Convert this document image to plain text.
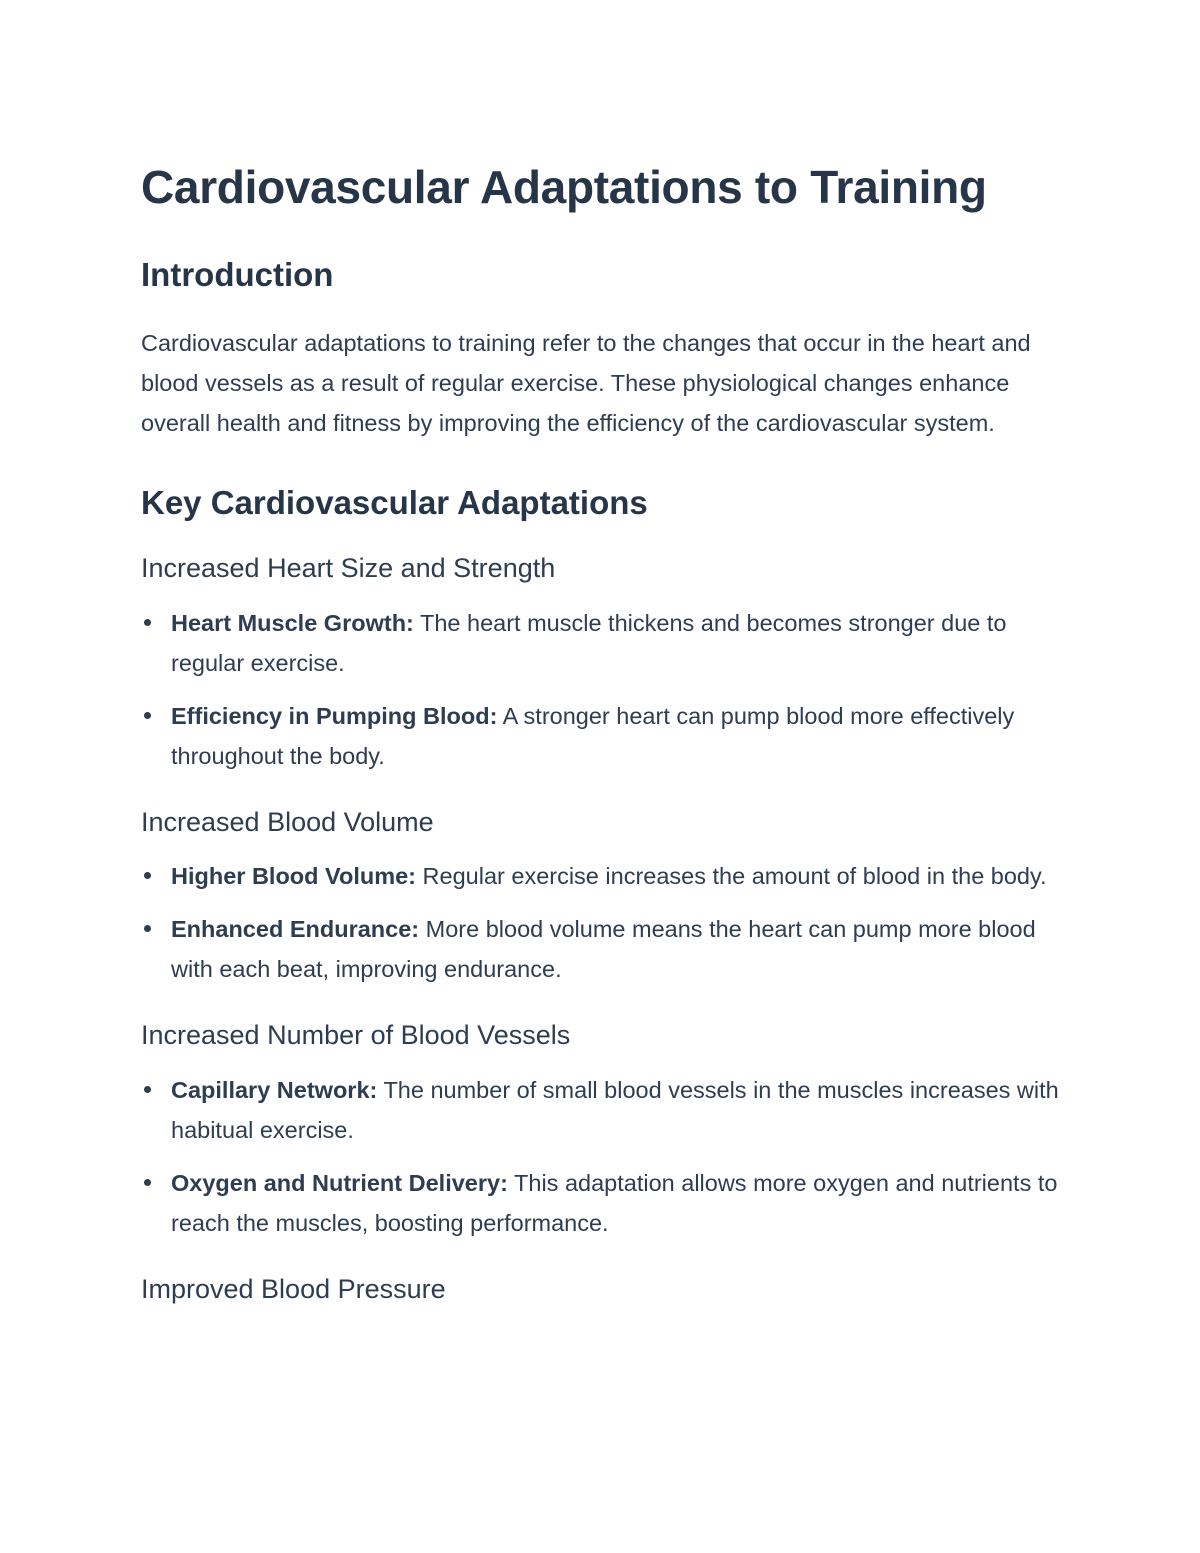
Cardiovascular Adaptations to Training
Introduction

Cardiovascular adaptations to training refer to the changes that occur in the heart and blood vessels as a result of regular exercise. These physiological changes enhance overall health and fitness by improving the efficiency of the cardiovascular system.

Key Cardiovascular Adaptations
Increased Heart Size and Strength
Heart Muscle Growth: The heart muscle thickens and becomes stronger due to regular exercise.
Efficiency in Pumping Blood: A stronger heart can pump blood more effectively throughout the body.
Increased Blood Volume
Higher Blood Volume: Regular exercise increases the amount of blood in the body.
Enhanced Endurance: More blood volume means the heart can pump more blood with each beat, improving endurance.
Increased Number of Blood Vessels
Capillary Network: The number of small blood vessels in the muscles increases with habitual exercise.
Oxygen and Nutrient Delivery: This adaptation allows more oxygen and nutrients to reach the muscles, boosting performance.
Improved Blood Pressure
